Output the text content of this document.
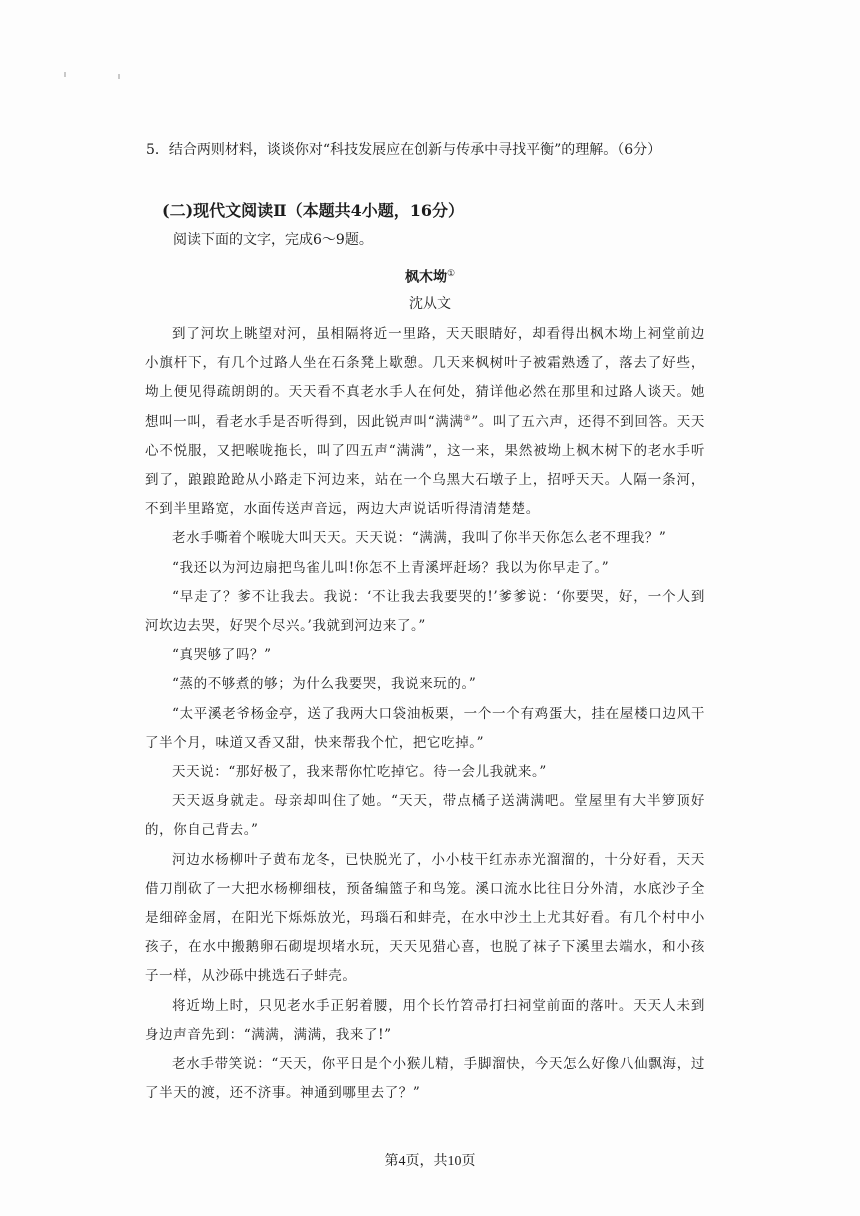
5．结合两则材料，谈谈你对“科技发展应在创新与传承中寻找平衡”的理解。（6分）
(二)现代文阅读Ⅱ（本题共4小题，16分）
阅读下面的文字，完成6～9题。
枫木坳①
沈从文

到了河坎上眺望对河，虽相隔将近一里路，天天眼睛好，却看得出枫木坳上祠堂前边小旗杆下，有几个过路人坐在石条凳上歇憩。几天来枫树叶子被霜熟透了，落去了好些，坳上便见得疏朗朗的。天天看不真老水手人在何处，猜详他必然在那里和过路人谈天。她想叫一叫，看老水手是否听得到，因此锐声叫“满满②”。叫了五六声，还得不到回答。天天心不悦服，又把喉咙拖长，叫了四五声“满满”，这一来，果然被坳上枫木树下的老水手听到了，踉踉跄跄从小路走下河边来，站在一个乌黑大石墩子上，招呼天天。人隔一条河，不到半里路宽，水面传送声音远，两边大声说话听得清清楚楚。

老水手嘶着个喉咙大叫天天。天天说：“满满，我叫了你半天你怎么老不理我？”

“我还以为河边扇把鸟雀儿叫!你怎不上青溪坪赶场？我以为你早走了。”

“早走了？爹不让我去。我说：‘不让我去我要哭的!’爹爹说：‘你要哭，好，一个人到河坎边去哭，好哭个尽兴。’我就到河边来了。”

“真哭够了吗？”

“蒸的不够煮的够；为什么我要哭，我说来玩的。”

“太平溪老爷杨金亭，送了我两大口袋油板栗，一个一个有鸡蛋大，挂在屋楼口边风干了半个月，味道又香又甜，快来帮我个忙，把它吃掉。”

天天说：“那好极了，我来帮你忙吃掉它。待一会儿我就来。”

天天返身就走。母亲却叫住了她。“天天，带点橘子送满满吧。堂屋里有大半箩顶好的，你自己背去。”

河边水杨柳叶子黄布龙冬，已快脱光了，小小枝干红赤赤光溜溜的，十分好看，天天借刀削砍了一大把水杨柳细枝，预备编篮子和鸟笼。溪口流水比往日分外清，水底沙子全是细碎金屑，在阳光下烁烁放光，玛瑙石和蚌壳，在水中沙土上尤其好看。有几个村中小孩子，在水中搬鹅卵石砌堤坝堵水玩，天天见猎心喜，也脱了袜子下溪里去端水，和小孩子一样，从沙砾中挑选石子蚌壳。

将近坳上时，只见老水手正躬着腰，用个长竹笤帚打扫祠堂前面的落叶。天天人未到身边声音先到：“满满，满满，我来了!”

老水手带笑说：“天天，你平日是个小猴儿精，手脚溜快，今天怎么好像八仙飘海，过了半天的渡，还不济事。神通到哪里去了？”

第4页，共10页
